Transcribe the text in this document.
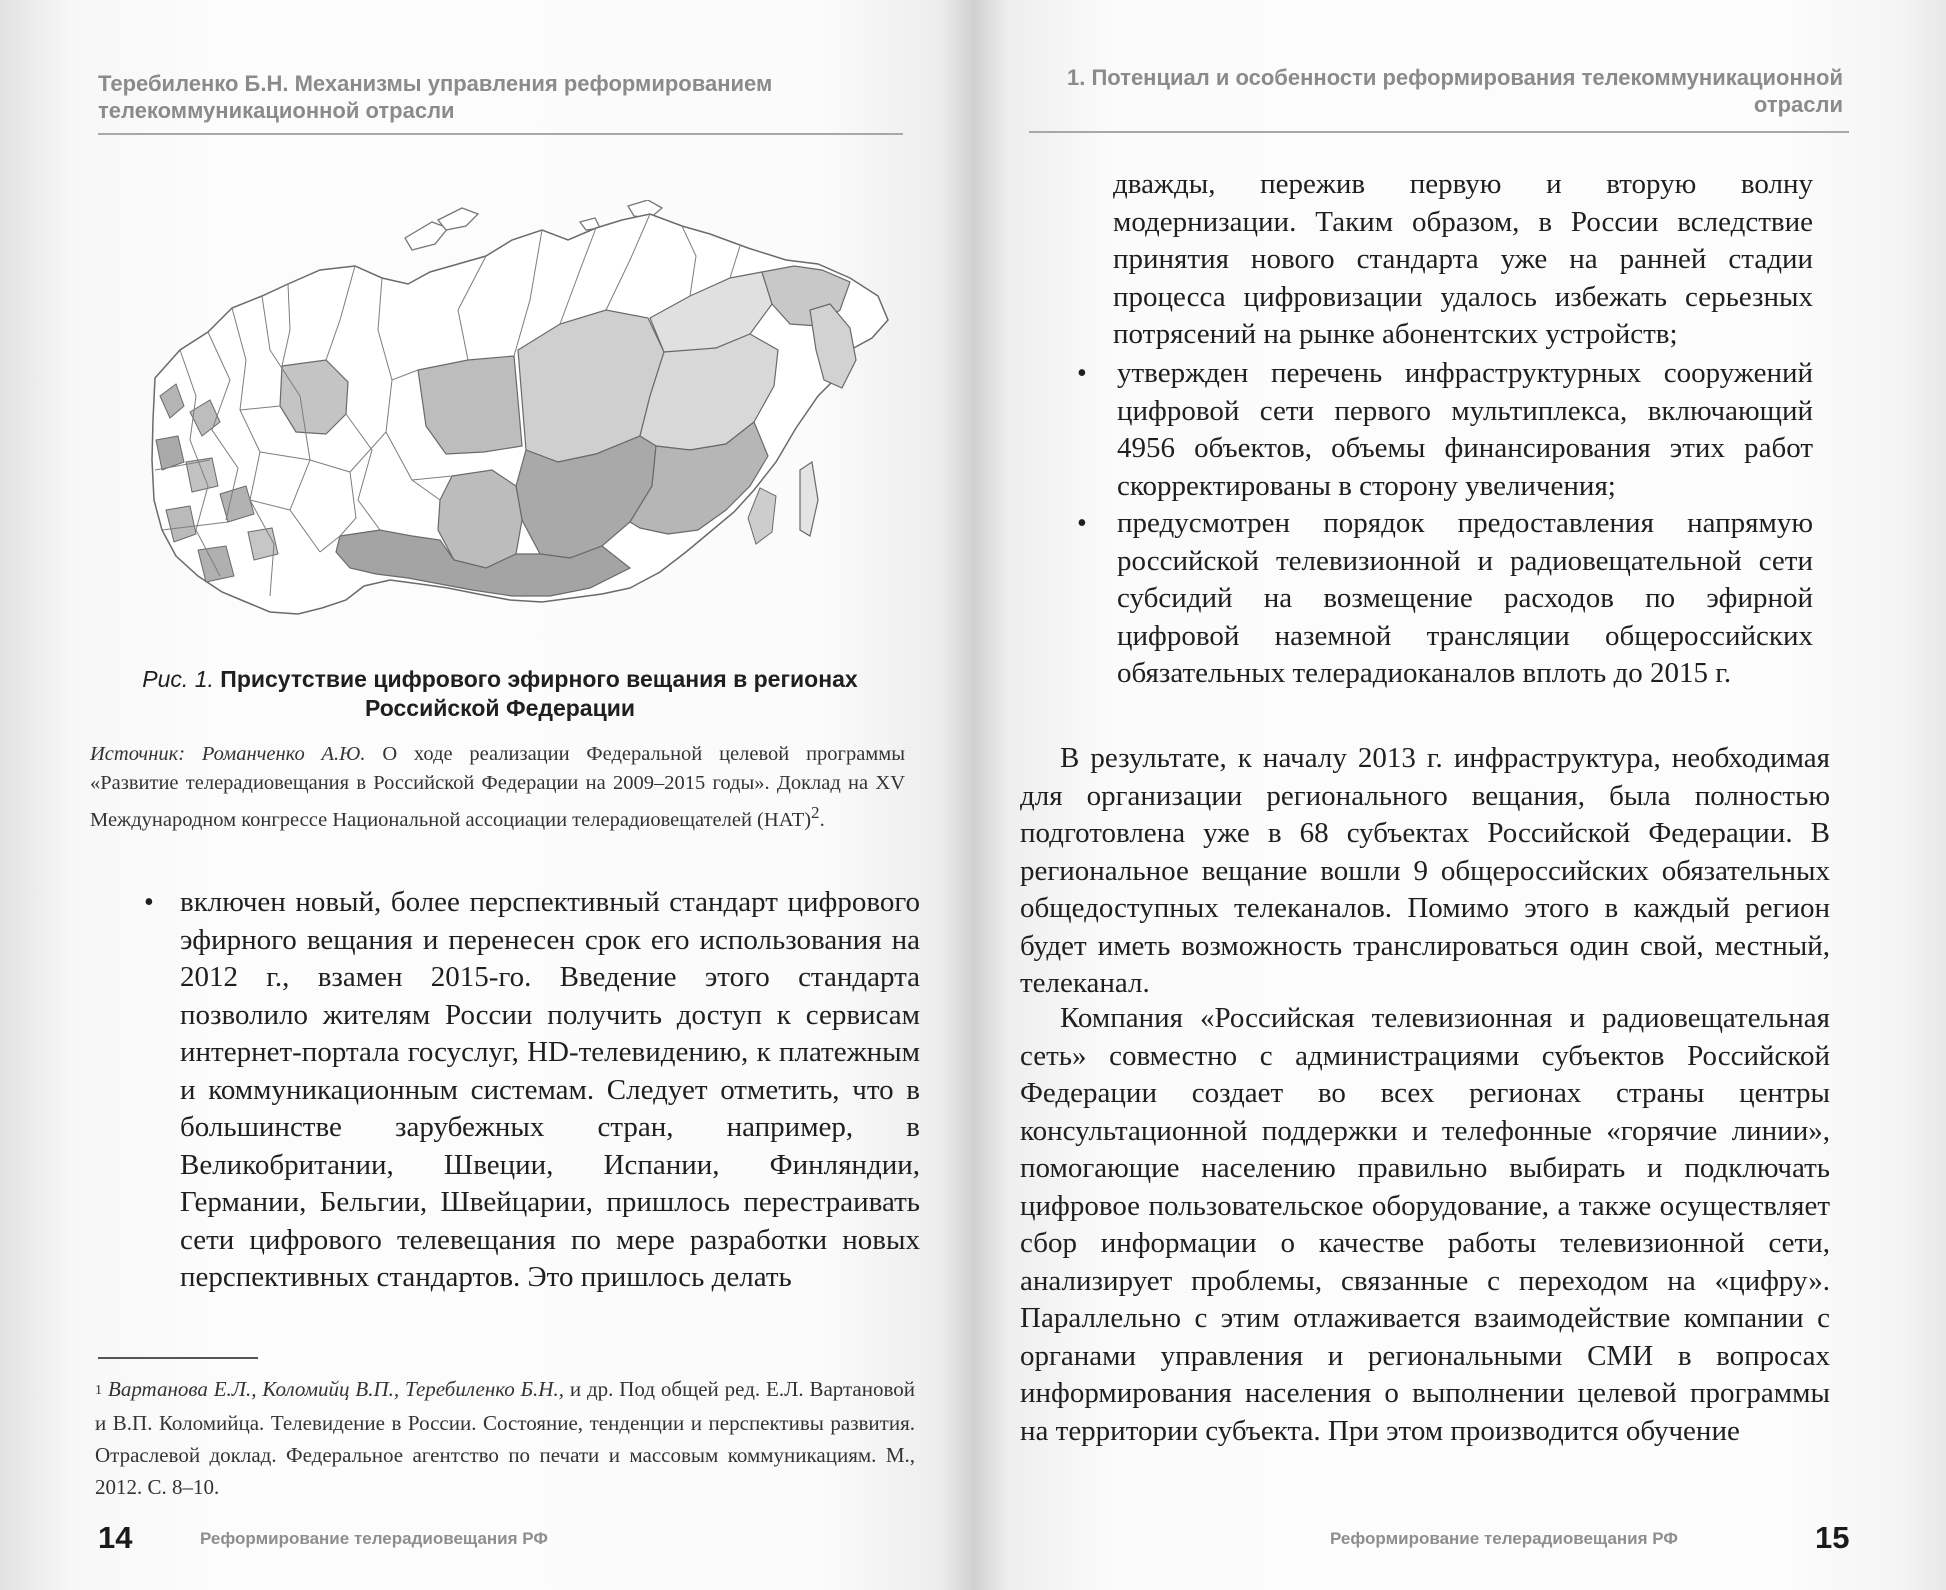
Теребиленко Б.Н. Механизмы управления реформированием телекоммуникационной отрасли
Рис. 1. Присутствие цифрового эфирного вещания в регионах Российской Федерации
Источник: Романченко А.Ю. О ходе реализации Федеральной целевой программы «Развитие телерадиовещания в Российской Федерации на 2009–2015 годы». Доклад на XV Международном конгрессе Национальной ассоциации телерадиовещателей (НАТ)$^2$.
• включен новый, более перспективный стандарт цифрового эфирного вещания и перенесен срок его использования на 2012 г., взамен 2015-го. Введение этого стандарта позволило жителям России получить доступ к сервисам интернет-портала госуслуг, HD-телевидению, к платежным и коммуникационным системам. Следует отметить, что в большинстве зарубежных стран, например, в Великобритании, Швеции, Испании, Финляндии, Германии, Бельгии, Швейцарии, пришлось перестраивать сети цифрового телевещания по мере разработки новых перспективных стандартов. Это пришлось делать
1 Вартанова Е.Л., Коломийц В.П., Теребиленко Б.Н., и др. Под общей ред. Е.Л. Вартановой и В.П. Коломийца. Телевидение в России. Состояние, тенденции и перспективы развития. Отраслевой доклад. Федеральное агентство по печати и массовым коммуникациям. М., 2012. С. 8–10.
14	Реформирование телерадиовещания РФ
1. Потенциал и особенности реформирования телекоммуникационной отрасли
дважды, пережив первую и вторую волну модернизации. Таким образом, в России вследствие принятия нового стандарта уже на ранней стадии процесса цифровизации удалось избежать серьезных потрясений на рынке абонентских устройств;
• утвержден перечень инфраструктурных сооружений цифровой сети первого мультиплекса, включающий 4956 объектов, объемы финансирования этих работ скорректированы в сторону увеличения;
• предусмотрен порядок предоставления напрямую российской телевизионной и радиовещательной сети субсидий на возмещение расходов по эфирной цифровой наземной трансляции общероссийских обязательных телерадиоканалов вплоть до 2015 г.

В результате, к началу 2013 г. инфраструктура, необходимая для организации регионального вещания, была полностью подготовлена уже в 68 субъектах Российской Федерации. В региональное вещание вошли 9 общероссийских обязательных общедоступных телеканалов. Помимо этого в каждый регион будет иметь возможность транслироваться один свой, местный, телеканал.

Компания «Российская телевизионная и радиовещательная сеть» совместно с администрациями субъектов Российской Федерации создает во всех регионах страны центры консультационной поддержки и телефонные «горячие линии», помогающие населению правильно выбирать и подключать цифровое пользовательское оборудование, а также осуществляет сбор информации о качестве работы телевизионной сети, анализирует проблемы, связанные с переходом на «цифру». Параллельно с этим отлаживается взаимодействие компании с органами управления и региональными СМИ в вопросах информирования населения о выполнении целевой программы на территории субъекта. При этом производится обучение

Реформирование телерадиовещания РФ	15
